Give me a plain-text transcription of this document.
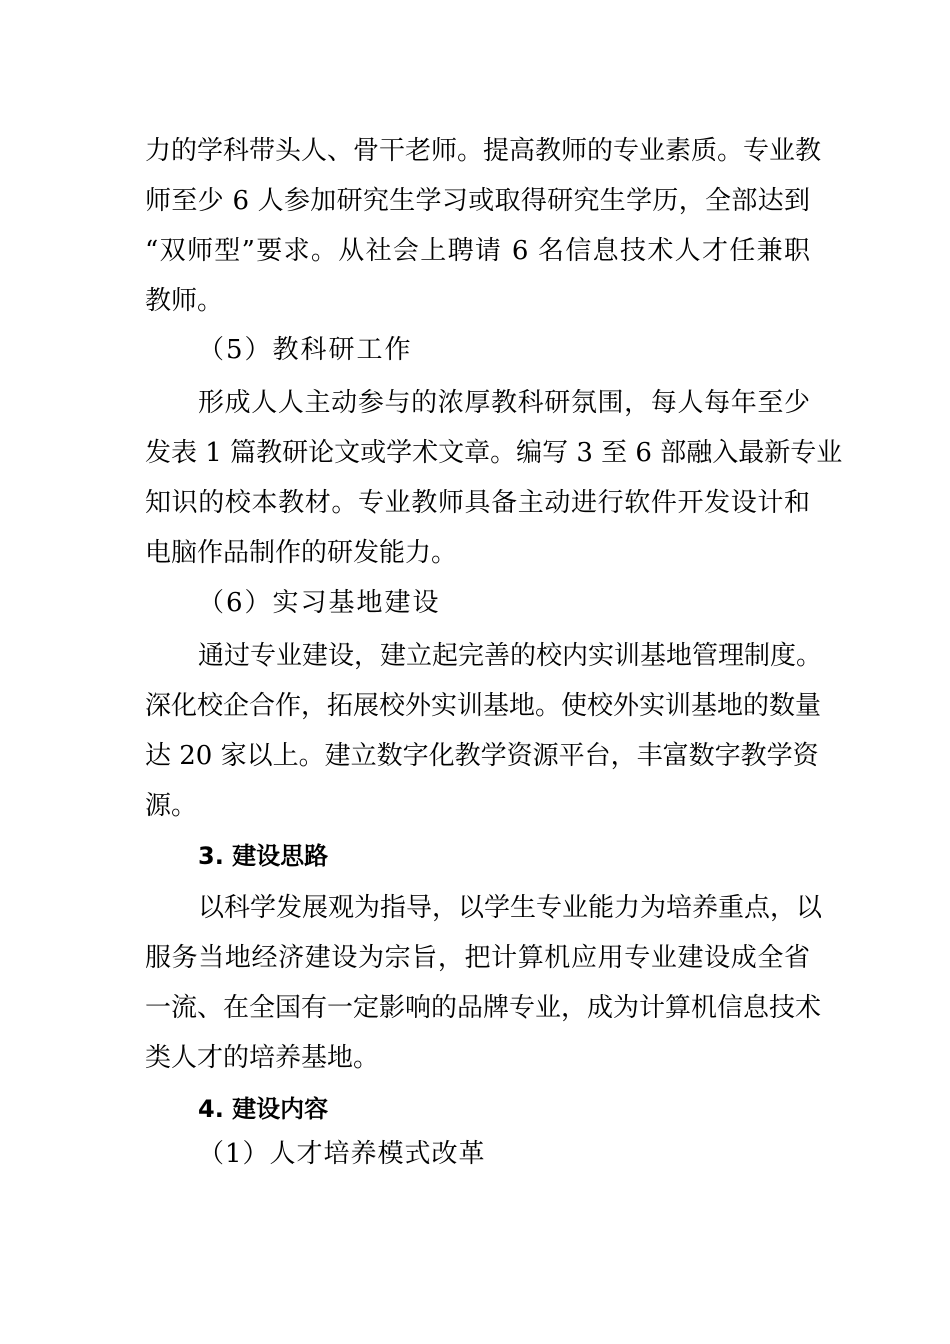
力的学科带头人、骨干老师。提高教师的专业素质。专业教
师至少 6 人参加研究生学习或取得研究生学历，全部达到
“双师型”要求。从社会上聘请 6 名信息技术人才任兼职
教师。
（5）教科研工作
形成人人主动参与的浓厚教科研氛围，每人每年至少
发表 1 篇教研论文或学术文章。编写 3 至 6 部融入最新专业
知识的校本教材。专业教师具备主动进行软件开发设计和
电脑作品制作的研发能力。
（6）实习基地建设
通过专业建设，建立起完善的校内实训基地管理制度。
深化校企合作，拓展校外实训基地。使校外实训基地的数量
达 20 家以上。建立数字化教学资源平台，丰富数字教学资
源。
3. 建设思路
以科学发展观为指导，以学生专业能力为培养重点，以
服务当地经济建设为宗旨，把计算机应用专业建设成全省
一流、在全国有一定影响的品牌专业，成为计算机信息技术
类人才的培养基地。
4. 建设内容
（1）人才培养模式改革
